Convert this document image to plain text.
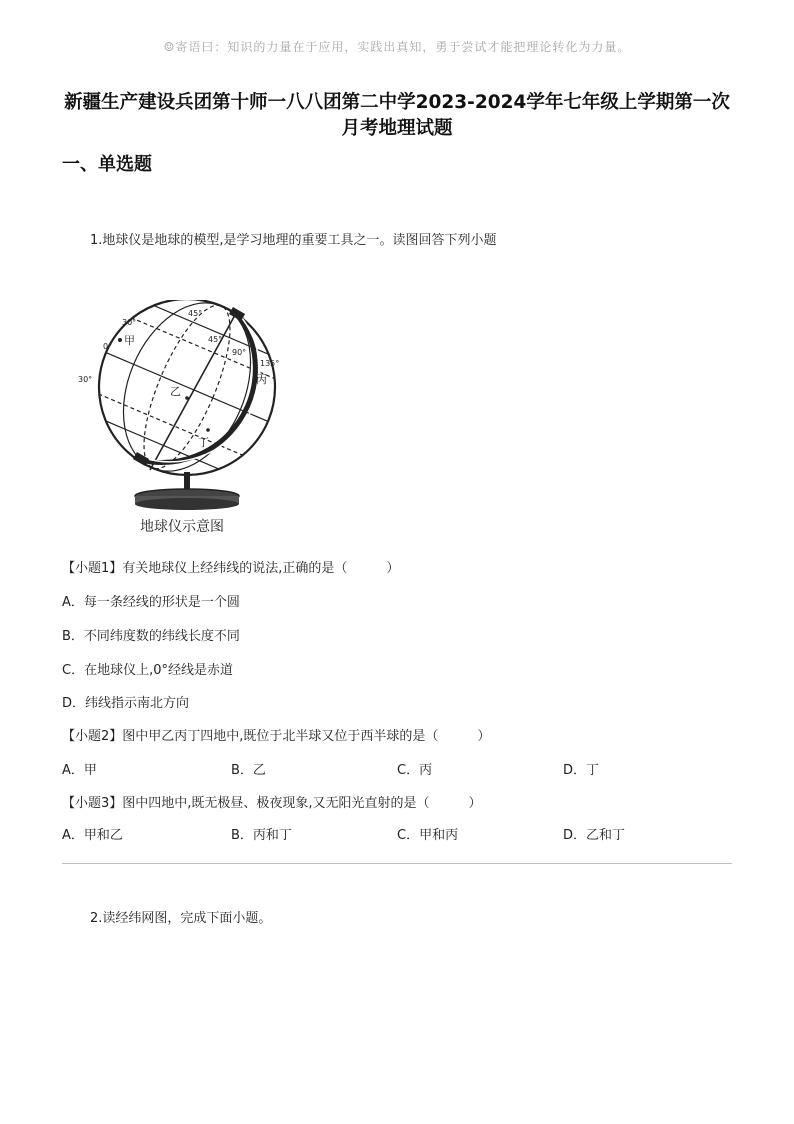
☺寄语曰：知识的力量在于应用，实践出真知，勇于尝试才能把理论转化为力量。
新疆生产建设兵团第十师一八八团第二中学2023-2024学年七年级上学期第一次
月考地理试题
一、单选题
1.地球仪是地球的模型,是学习地理的重要工具之一。读图回答下列小题
30°
45°
0°
30°
45°
90°
135°
甲
乙
丙
丁
地球仪示意图
【小题1】有关地球仪上经纬线的说法,正确的是（　　　）
A．每一条经线的形状是一个圆
B．不同纬度数的纬线长度不同
C．在地球仪上,0°经线是赤道
D．纬线指示南北方向
【小题2】图中甲乙丙丁四地中,既位于北半球又位于西半球的是（　　　）
A．甲	B．乙	C．丙	D．丁
【小题3】图中四地中,既无极昼、极夜现象,又无阳光直射的是（　　　）
A．甲和乙	B．丙和丁	C．甲和丙	D．乙和丁
2.读经纬网图，完成下面小题。
